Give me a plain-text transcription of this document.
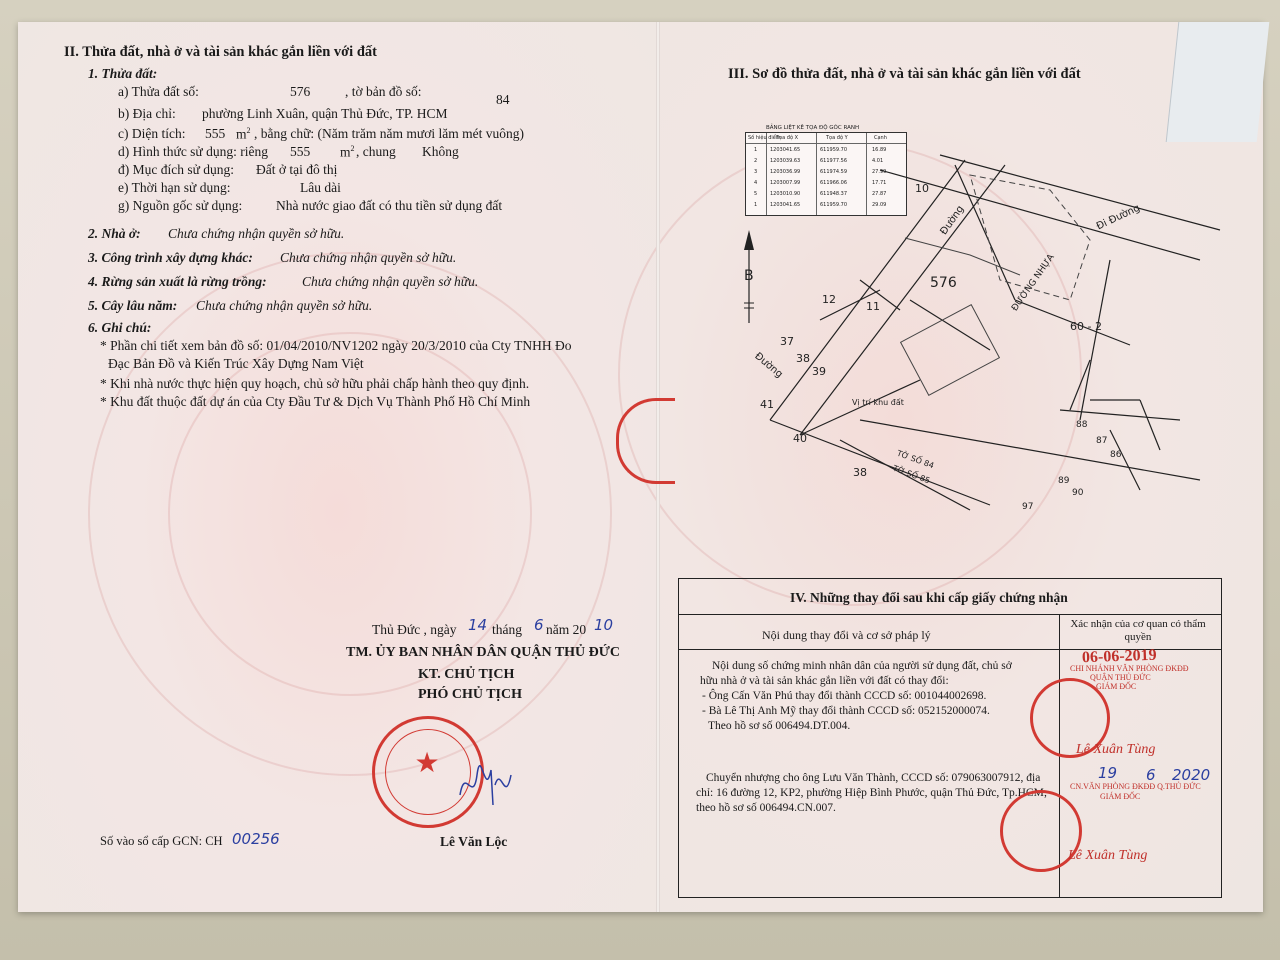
II. Thửa đất, nhà ở và tài sản khác gắn liền với đất
1. Thửa đất:
a) Thửa đất số:	576	, tờ bản đồ số:
84
b) Địa chỉ: phường Linh Xuân, quận Thủ Đức, TP. HCM
c) Diện tích: 555 $m^2$ , bằng chữ: (Năm trăm năm mươi lăm mét vuông)
d) Hình thức sử dụng: riêng 555 $m^2$ , chung Không
đ) Mục đích sử dụng: Đất ở tại đô thị
e) Thời hạn sử dụng:	Lâu dài
g) Nguồn gốc sử dụng: Nhà nước giao đất có thu tiền sử dụng đất
2. Nhà ở: Chưa chứng nhận quyền sở hữu.
3. Công trình xây dựng khác: Chưa chứng nhận quyền sở hữu.
4. Rừng sản xuất là rừng trồng:	Chưa chứng nhận quyền sở hữu.
5. Cây lâu năm: Chưa chứng nhận quyền sở hữu.
6. Ghi chú:
* Phần chi tiết xem bản đồ số: 01/04/2010/NV1202 ngày 20/3/2010 của Cty TNHH Đo
Đạc Bản Đồ và Kiến Trúc Xây Dựng Nam Việt
* Khi nhà nước thực hiện quy hoạch, chủ sở hữu phải chấp hành theo quy định.
* Khu đất thuộc đất dự án của Cty Đầu Tư & Dịch Vụ Thành Phố Hồ Chí Minh
Thủ Đức , ngày 14 tháng 6 năm 20 10
TM. ỦY BAN NHÂN DÂN QUẬN THỦ ĐỨC
KT. CHỦ TỊCH
PHÓ CHỦ TỊCH
★
Số vào sổ cấp GCN: CH 00256	Lê Văn Lộc
III. Sơ đồ thửa đất, nhà ở và tài sản khác gắn liền với đất
BẢNG LIỆT KÊ TỌA ĐỘ GÓC RANH
Số hiệu điểm
Tọa độ X	Tọa độ Y	Cạnh
1	1203041.65	611959.70	16.89
2	1203039.63	611977.56	4.01
3	1203036.99	611974.59	27.99
4	1203007.99	611966.06	17.71
5	1203010.90	611948.37	27.87
1	1203041.65	611959.70	29.09
B	576
10
12
11
37
38
39
41
40
38
60 - 2
88
87
86
89
90
97
Đường
Đường
Đi Đường
ĐƯỜNG NHỰA
Vị trí khu đất
TỜ SỐ 84
TỜ SỐ 85
IV. Những thay đổi sau khi cấp giấy chứng nhận
Nội dung thay đổi và cơ sở pháp lý
Xác nhận của cơ quan có thẩm quyền
Nội dung số chứng minh nhân dân của người sử dụng đất, chủ sở
hữu nhà ở và tài sản khác gắn liền với đất có thay đổi:
- Ông Cấn Văn Phú thay đổi thành CCCD số: 001044002698.
- Bà Lê Thị Anh Mỹ thay đổi thành CCCD số: 052152000074.
Theo hồ sơ số 006494.DT.004.
Chuyển nhượng cho ông Lưu Văn Thành, CCCD số: 079063007912, địa
chỉ: 16 đường 12, KP2, phường Hiệp Bình Phước, quận Thủ Đức, Tp.HCM;
theo hồ sơ số 006494.CN.007.
06-06-2019
CHI NHÁNH VĂN PHÒNG ĐKĐĐ
QUẬN THỦ ĐỨC
GIÁM ĐỐC
Lê Xuân Tùng
19 6 2020
CN.VĂN PHÒNG ĐKĐĐ Q.THỦ ĐỨC
GIÁM ĐỐC
Lê Xuân Tùng
